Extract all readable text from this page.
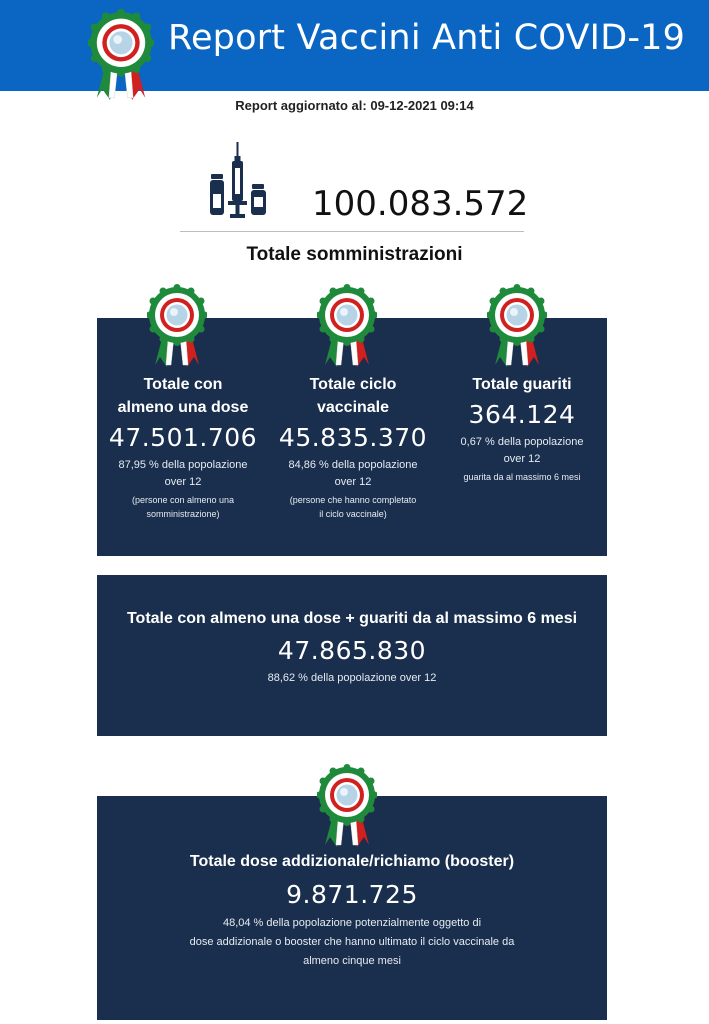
Report Vaccini Anti COVID-19
Report aggiornato al: 09-12-2021 09:14
100.083.572
Totale somministrazioni
Totale con
almeno una dose
47.501.706
87,95 % della popolazione
over 12
(persone con almeno una
somministrazione)
Totale ciclo
vaccinale
45.835.370
84,86 % della popolazione
over 12
(persone che hanno completato
il ciclo vaccinale)
Totale guariti
364.124
0,67 % della popolazione
over 12
guarita da al massimo 6 mesi
Totale con almeno una dose + guariti da al massimo 6 mesi
47.865.830
88,62 % della popolazione over 12
Totale dose addizionale/richiamo (booster)
9.871.725
48,04 % della popolazione potenzialmente oggetto di
dose addizionale o booster che hanno ultimato il ciclo vaccinale da
almeno cinque mesi
